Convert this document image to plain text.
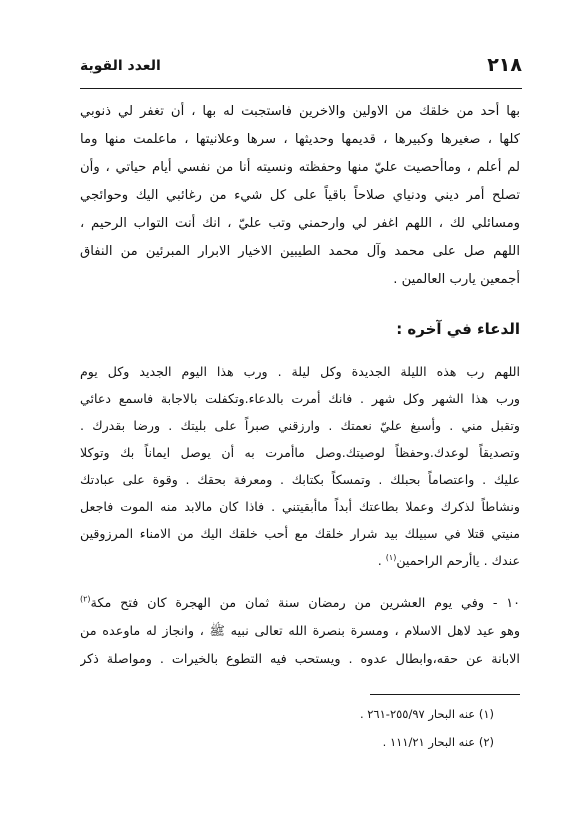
٢١٨
العدد القوية
بها أحد من خلقك من الاولين والاخرين فاستجبت له بها ، أن تغفر لي ذنوبي
كلها ، صغيرها وكبيرها ، قديمها وحديثها ، سرها وعلانيتها ، ماعلمت منها وما
لم أعلم ، وماأحصيت عليّ منها وحفظته ونسيته أنا من نفسي أيام حياتي ، وأن
تصلح أمر ديني ودنياي صلاحاً باقياً على كل شيء من رغائبي اليك وحوائجي
ومسائلي لك ، اللهم اغفر لي وارحمني وتب عليّ ، انك أنت التواب الرحيم ،
اللهم صل على محمد وآل محمد الطيبين الاخيار الابرار المبرئين من النفاق
أجمعين يارب العالمين .
الدعاء في آخره :
اللهم رب هذه الليلة الجديدة وكل ليلة . ورب هذا اليوم الجديد وكل يوم
ورب هذا الشهر وكل شهر . فانك أمرت بالدعاء.وتكفلت بالاجابة فاسمع دعائي
وتقبل مني . وأسبغ عليّ نعمتك . وارزقني صبراً على بليتك . ورضا بقدرك .
وتصديقاً لوعدك.وحفظاً لوصيتك.وصل ماأمرت به أن يوصل ايماناً بك وتوكلا
عليك . واعتصاماً بحبلك . وتمسكاً بكتابك . ومعرفة بحقك . وقوة على عبادتك
ونشاطاً لذكرك وعملا بطاعتك أبداً ماأبقيتني . فاذا كان مالابد منه الموت فاجعل
منيتي قتلا في سبيلك بيد شرار خلقك مع أحب خلقك اليك من الامناء المرزوقين
عندك . ياأرحم الراحمين$^{(١)}$ .
١٠ - وفي يوم العشرين من رمضان سنة ثمان من الهجرة كان فتح مكة$^{(٢)}$
وهو عيد لاهل الاسلام ، ومسرة بنصرة الله تعالى نبيه ﷺ ، وانجاز له ماوعده من
الابانة عن حقه،وابطال عدوه . ويستحب فيه التطوع بالخيرات . ومواصلة ذكر
(١) عنه البحار ٢٥٥/٩٧-٢٦١ .
(٢) عنه البحار ١١١/٢١ .
